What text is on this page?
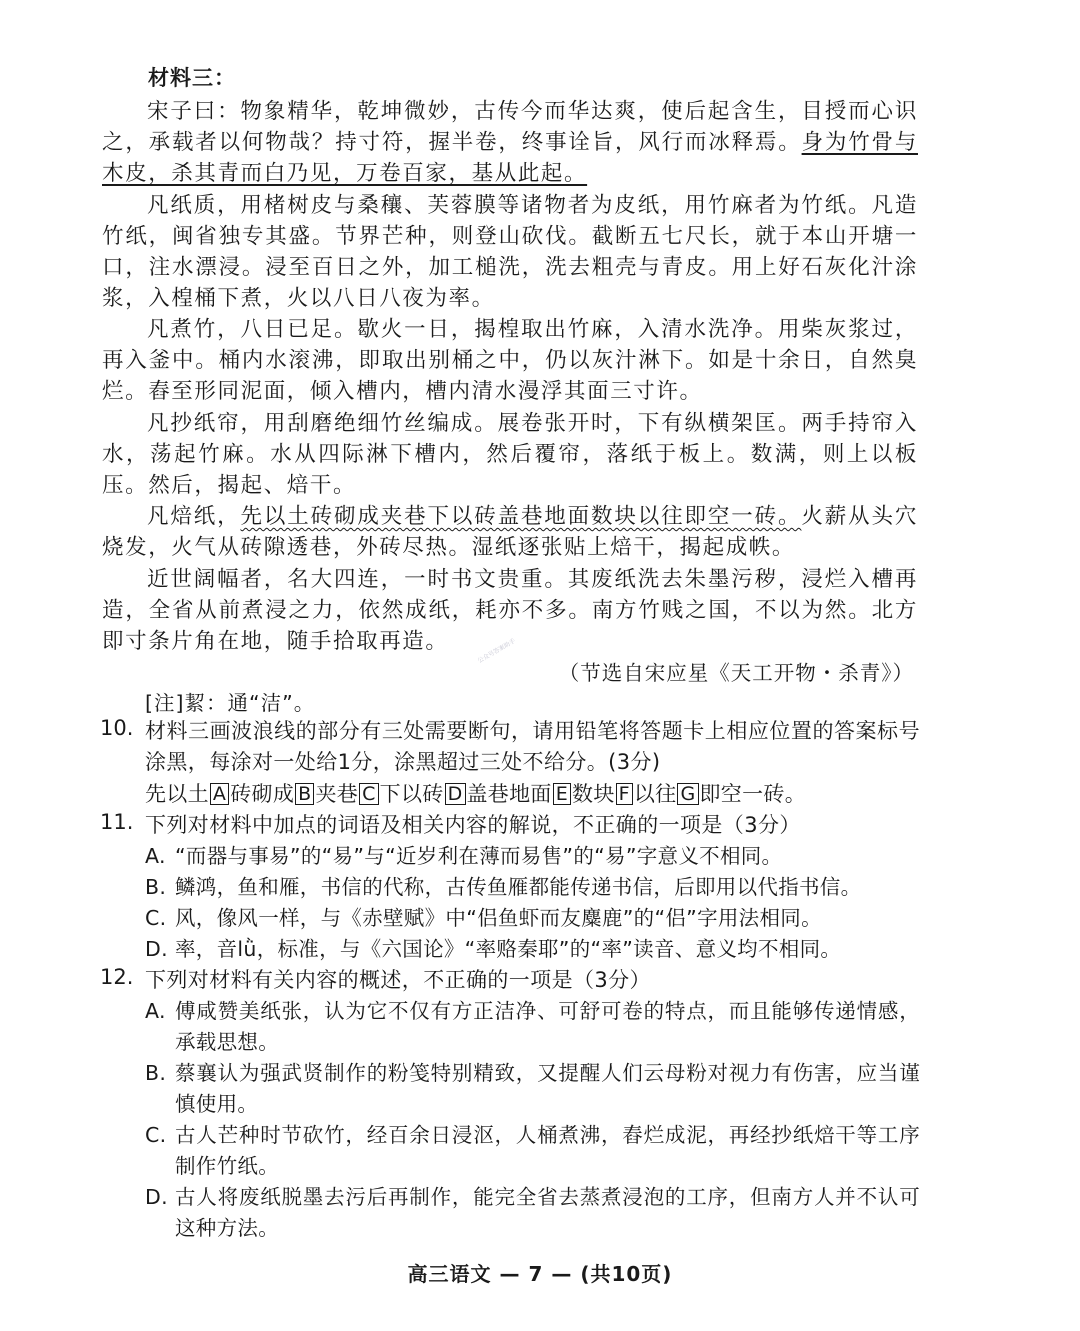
材料三：

宋子曰：物象精华，乾坤微妙，古传今而华达爽，使后起含生，目授而心识之，承载者以何物哉？持寸符，握半卷，终事诠旨，风行而冰释焉。身为竹骨与木皮，杀其青而白乃见，万卷百家，基从此起。

凡纸质，用楮树皮与桑穰、芙蓉膜等诸物者为皮纸，用竹麻者为竹纸。凡造竹纸，闽省独专其盛。节界芒种，则登山砍伐。截断五七尺长，就于本山开塘一口，注水漂浸。浸至百日之外，加工槌洗，洗去粗壳与青皮。用上好石灰化汁涂浆，入楻桶下煮，火以八日八夜为率。

凡煮竹，八日已足。歇火一日，揭楻取出竹麻，入清水洗净。用柴灰浆过，再入釜中。桶内水滚沸，即取出别桶之中，仍以灰汁淋下。如是十余日，自然臭烂。舂至形同泥面，倾入槽内，槽内清水漫浮其面三寸许。

凡抄纸帘，用刮磨绝细竹丝编成。展卷张开时，下有纵横架匡。两手持帘入水，荡起竹麻。水从四际淋下槽内，然后覆帘，落纸于板上。数满，则上以板压。然后，揭起、焙干。

凡焙纸，先以土砖砌成夹巷下以砖盖巷地面数块以往即空一砖。火薪从头穴烧发，火气从砖隙透巷，外砖尽热。湿纸逐张贴上焙干，揭起成帙。

近世阔幅者，名大四连，一时书文贵重。其废纸洗去朱墨污秽，浸烂入槽再造，全省从前煮浸之力，依然成纸，耗亦不多。南方竹贱之国，不以为然。北方即寸条片角在地，随手拾取再造。	公众号答案助手
（节选自宋应星《天工开物・杀青》）
[注]絜：通“洁”。
10. 材料三画波浪线的部分有三处需要断句，请用铅笔将答题卡上相应位置的答案标号涂黑，每涂对一处给1分，涂黑超过三处不给分。(3分)
先以土 A 砖砌成 B 夹巷 C 下以砖 D 盖巷地面 E 数块 F 以往 G 即空一砖。
11. 下列对材料中加点的词语及相关内容的解说，不正确的一项是（3分）
A. “而器与事易”的“易”与“近岁利在薄而易售”的“易”字意义不相同。
B. 鳞鸿，鱼和雁，书信的代称，古传鱼雁都能传递书信，后即用以代指书信。
C. 风，像风一样，与《赤壁赋》中“侣鱼虾而友麋鹿”的“侣”字用法相同。
D. 率，音lǜ，标准，与《六国论》“率赂秦耶”的“率”读音、意义均不相同。
12. 下列对材料有关内容的概述，不正确的一项是（3分）
A. 傅咸赞美纸张，认为它不仅有方正洁净、可舒可卷的特点，而且能够传递情感，承载思想。
B. 蔡襄认为强武贤制作的粉笺特别精致，又提醒人们云母粉对视力有伤害，应当谨慎使用。
C. 古人芒种时节砍竹，经百余日浸沤，人桶煮沸，舂烂成泥，再经抄纸焙干等工序制作竹纸。
D. 古人将废纸脱墨去污后再制作，能完全省去蒸煮浸泡的工序，但南方人并不认可这种方法。
高三语文 — 7 — (共10页)
